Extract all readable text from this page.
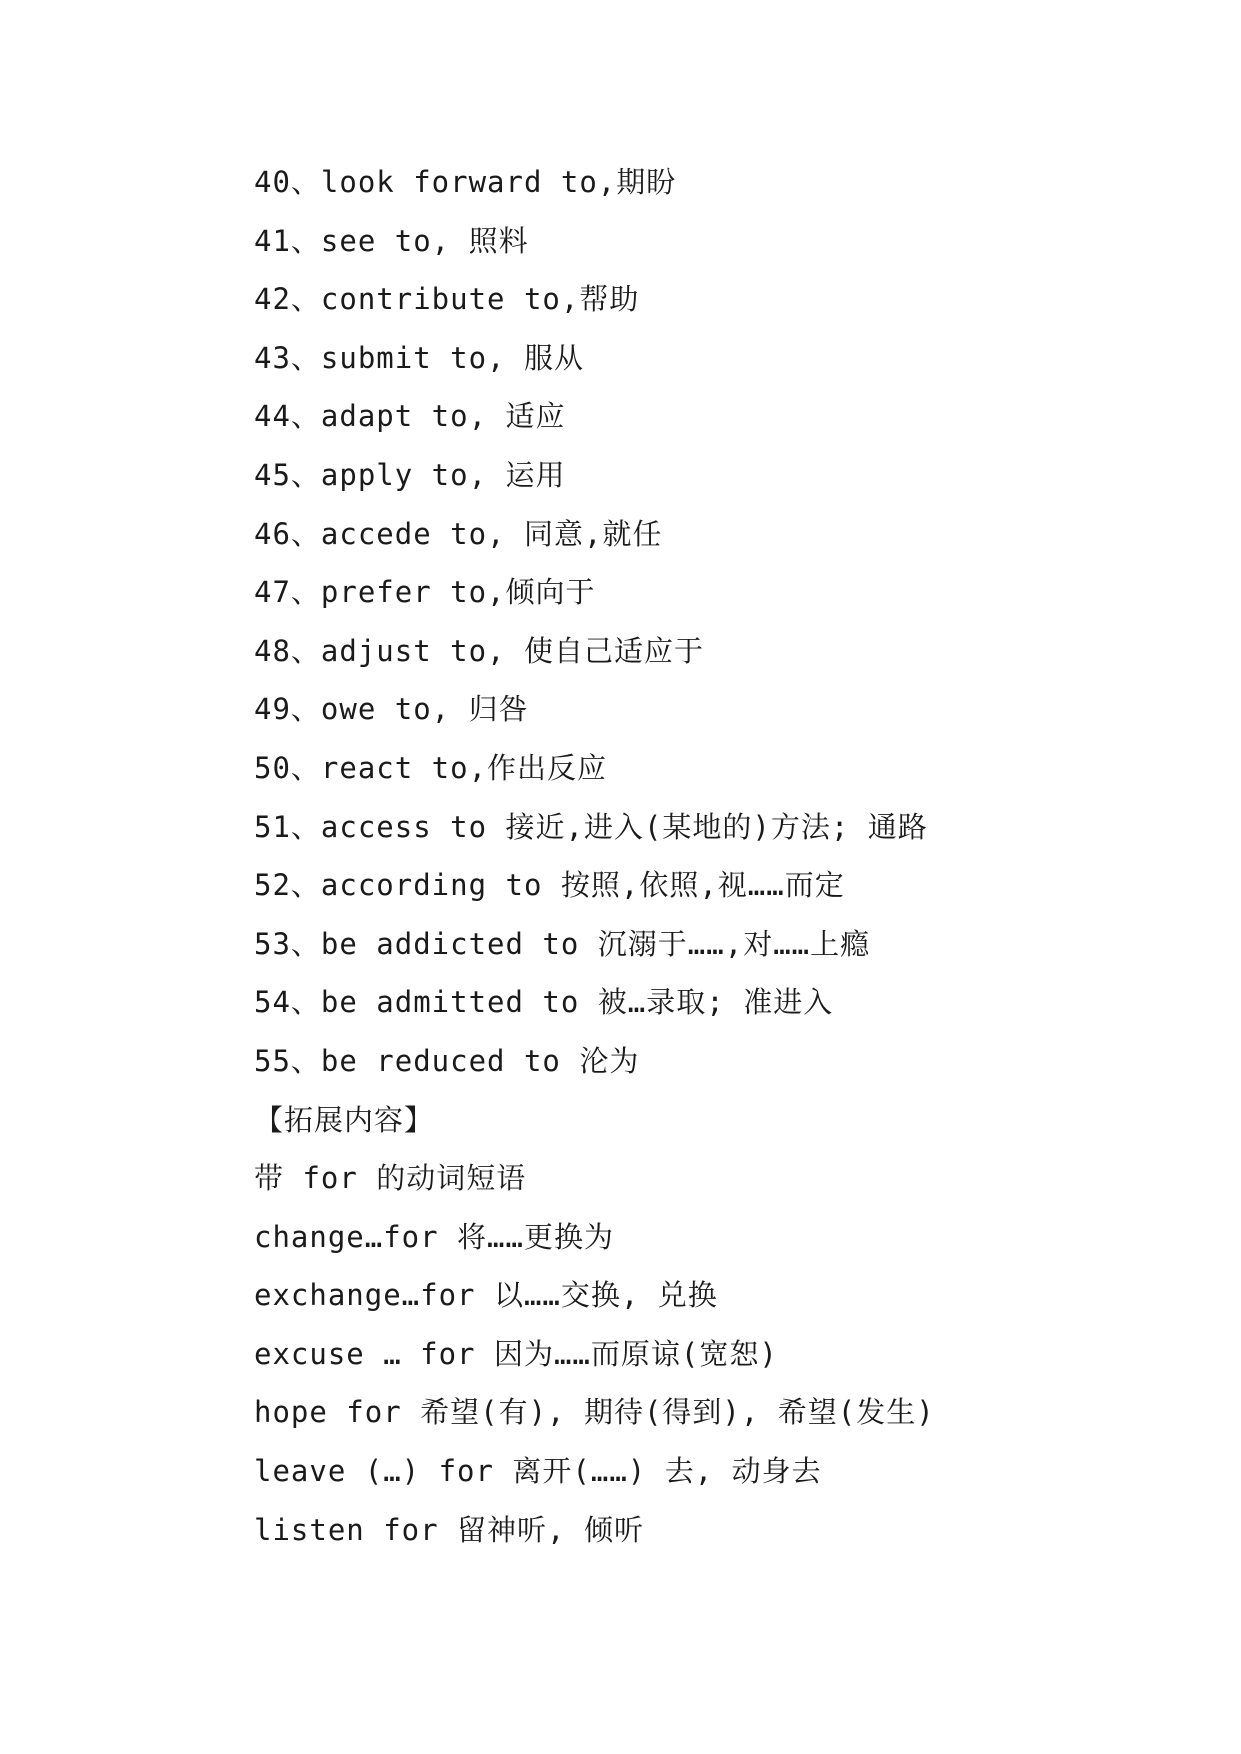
40、look forward to,期盼
41、see to, 照料
42、contribute to,帮助
43、submit to, 服从
44、adapt to, 适应
45、apply to, 运用
46、accede to, 同意,就任
47、prefer to,倾向于
48、adjust to, 使自己适应于
49、owe to, 归咎
50、react to,作出反应
51、access to 接近,进入(某地的)方法; 通路
52、according to 按照,依照,视……而定
53、be addicted to 沉溺于……,对……上瘾
54、be admitted to 被…录取; 准进入
55、be reduced to 沦为
【拓展内容】
带 for 的动词短语
change…for 将……更换为
exchange…for 以……交换, 兑换
excuse … for 因为……而原谅(宽恕)
hope for 希望(有), 期待(得到), 希望(发生)
leave (…) for 离开(……) 去, 动身去
listen for 留神听, 倾听
